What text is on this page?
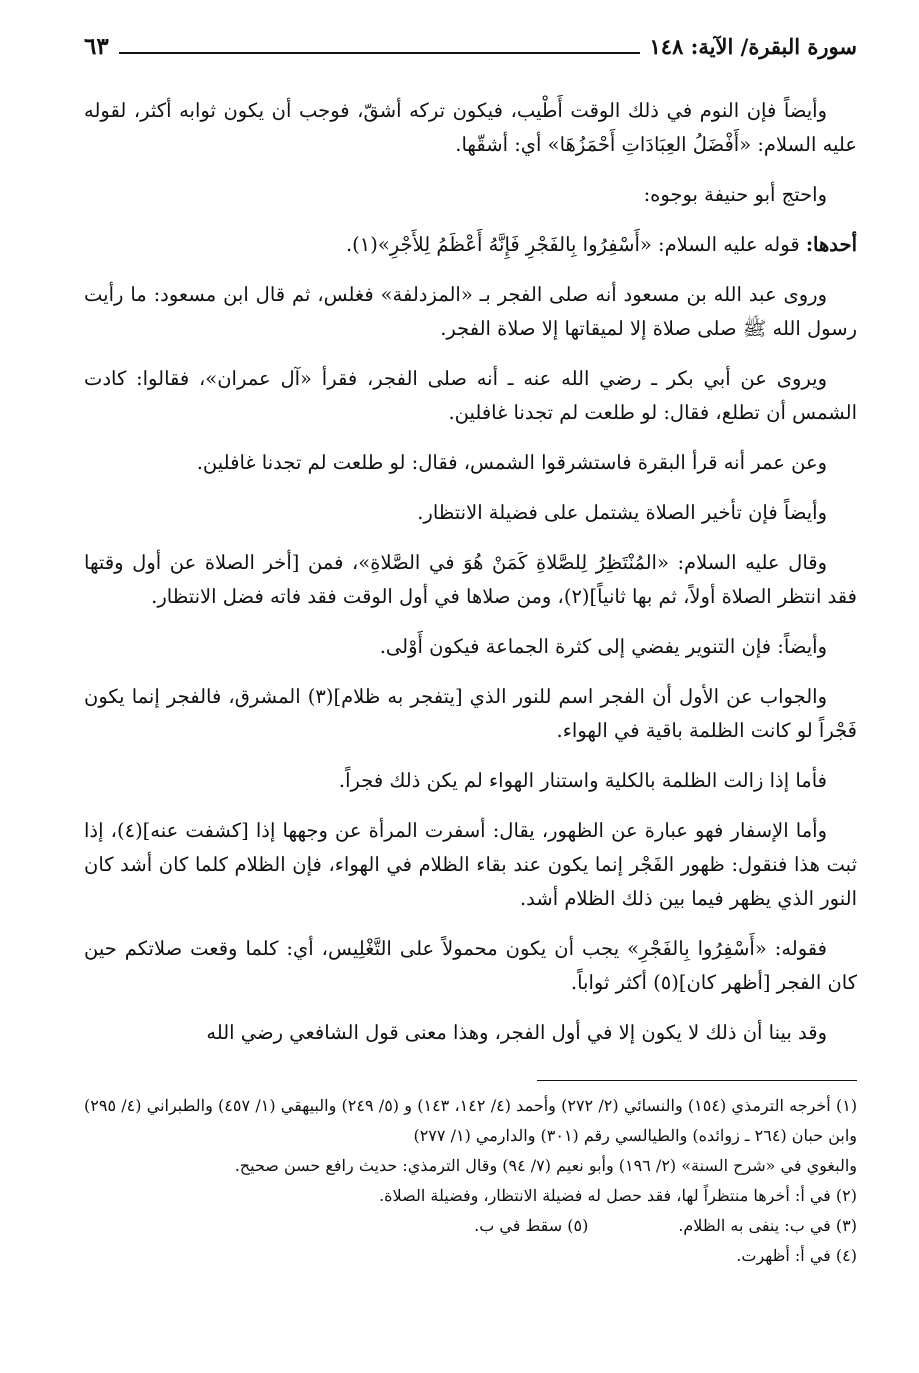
سورة البقرة/ الآية: ١٤٨
٦٣

وأيضاً فإن النوم في ذلك الوقت أَطْيب، فيكون تركه أشقّ، فوجب أن يكون ثوابه أكثر، لقوله عليه السلام: «أَفْضَلُ العِبَادَاتِ أَحْمَزُهَا» أي: أشقّها.

واحتج أبو حنيفة بوجوه:

أحدها: قوله عليه السلام: «أَسْفِرُوا بِالفَجْرِ فَإِنَّهُ أَعْظَمُ لِلأَجْرِ»(١).

وروى عبد الله بن مسعود أنه صلى الفجر بـ «المزدلفة» فغلس، ثم قال ابن مسعود: ما رأيت رسول الله ﷺ صلى صلاة إلا لميقاتها إلا صلاة الفجر.

ويروى عن أبي بكر ـ رضي الله عنه ـ أنه صلى الفجر، فقرأ «آل عمران»، فقالوا: كادت الشمس أن تطلع، فقال: لو طلعت لم تجدنا غافلين.

وعن عمر أنه قرأ البقرة فاستشرقوا الشمس، فقال: لو طلعت لم تجدنا غافلين.

وأيضاً فإن تأخير الصلاة يشتمل على فضيلة الانتظار.

وقال عليه السلام: «المُنْتَظِرُ لِلصَّلاةِ كَمَنْ هُوَ في الصَّلاةِ»، فمن [أخر الصلاة عن أول وقتها فقد انتظر الصلاة أولاً، ثم بها ثانياً](٢)، ومن صلاها في أول الوقت فقد فاته فضل الانتظار.

وأيضاً: فإن التنوير يفضي إلى كثرة الجماعة فيكون أَوْلى.

والجواب عن الأول أن الفجر اسم للنور الذي [يتفجر به ظلام](٣) المشرق، فالفجر إنما يكون فَجْراً لو كانت الظلمة باقية في الهواء.

فأما إذا زالت الظلمة بالكلية واستنار الهواء لم يكن ذلك فجراً.

وأما الإسفار فهو عبارة عن الظهور، يقال: أسفرت المرأة عن وجهها إذا [كشفت عنه](٤)، إذا ثبت هذا فنقول: ظهور الفَجْر إنما يكون عند بقاء الظلام في الهواء، فإن الظلام كلما كان أشد كان النور الذي يظهر فيما بين ذلك الظلام أشد.

فقوله: «أَسْفِرُوا بِالفَجْرِ» يجب أن يكون محمولاً على التَّغْلِيس، أي: كلما وقعت صلاتكم حين كان الفجر [أظهر كان](٥) أكثر ثواباً.

وقد بينا أن ذلك لا يكون إلا في أول الفجر، وهذا معنى قول الشافعي رضي الله

(١) أخرجه الترمذي (١٥٤) والنسائي (٢/ ٢٧٢) وأحمد (٤/ ١٤٢، ١٤٣) و (٥/ ٢٤٩) والبيهقي (١/ ٤٥٧) والطبراني (٤/ ٢٩٥) وابن حبان (٢٦٤ ـ زوائده) والطيالسي رقم (٣٠١) والدارمي (١/ ٢٧٧)

والبغوي في «شرح السنة» (٢/ ١٩٦) وأبو نعيم (٧/ ٩٤) وقال الترمذي: حديث رافع حسن صحيح.

(٢) في أ: أخرها منتظراً لها، فقد حصل له فضيلة الانتظار، وفضيلة الصلاة.

(٣) في ب: ينفى به الظلام.

(٥) سقط في ب.

(٤) في أ: أظهرت.
